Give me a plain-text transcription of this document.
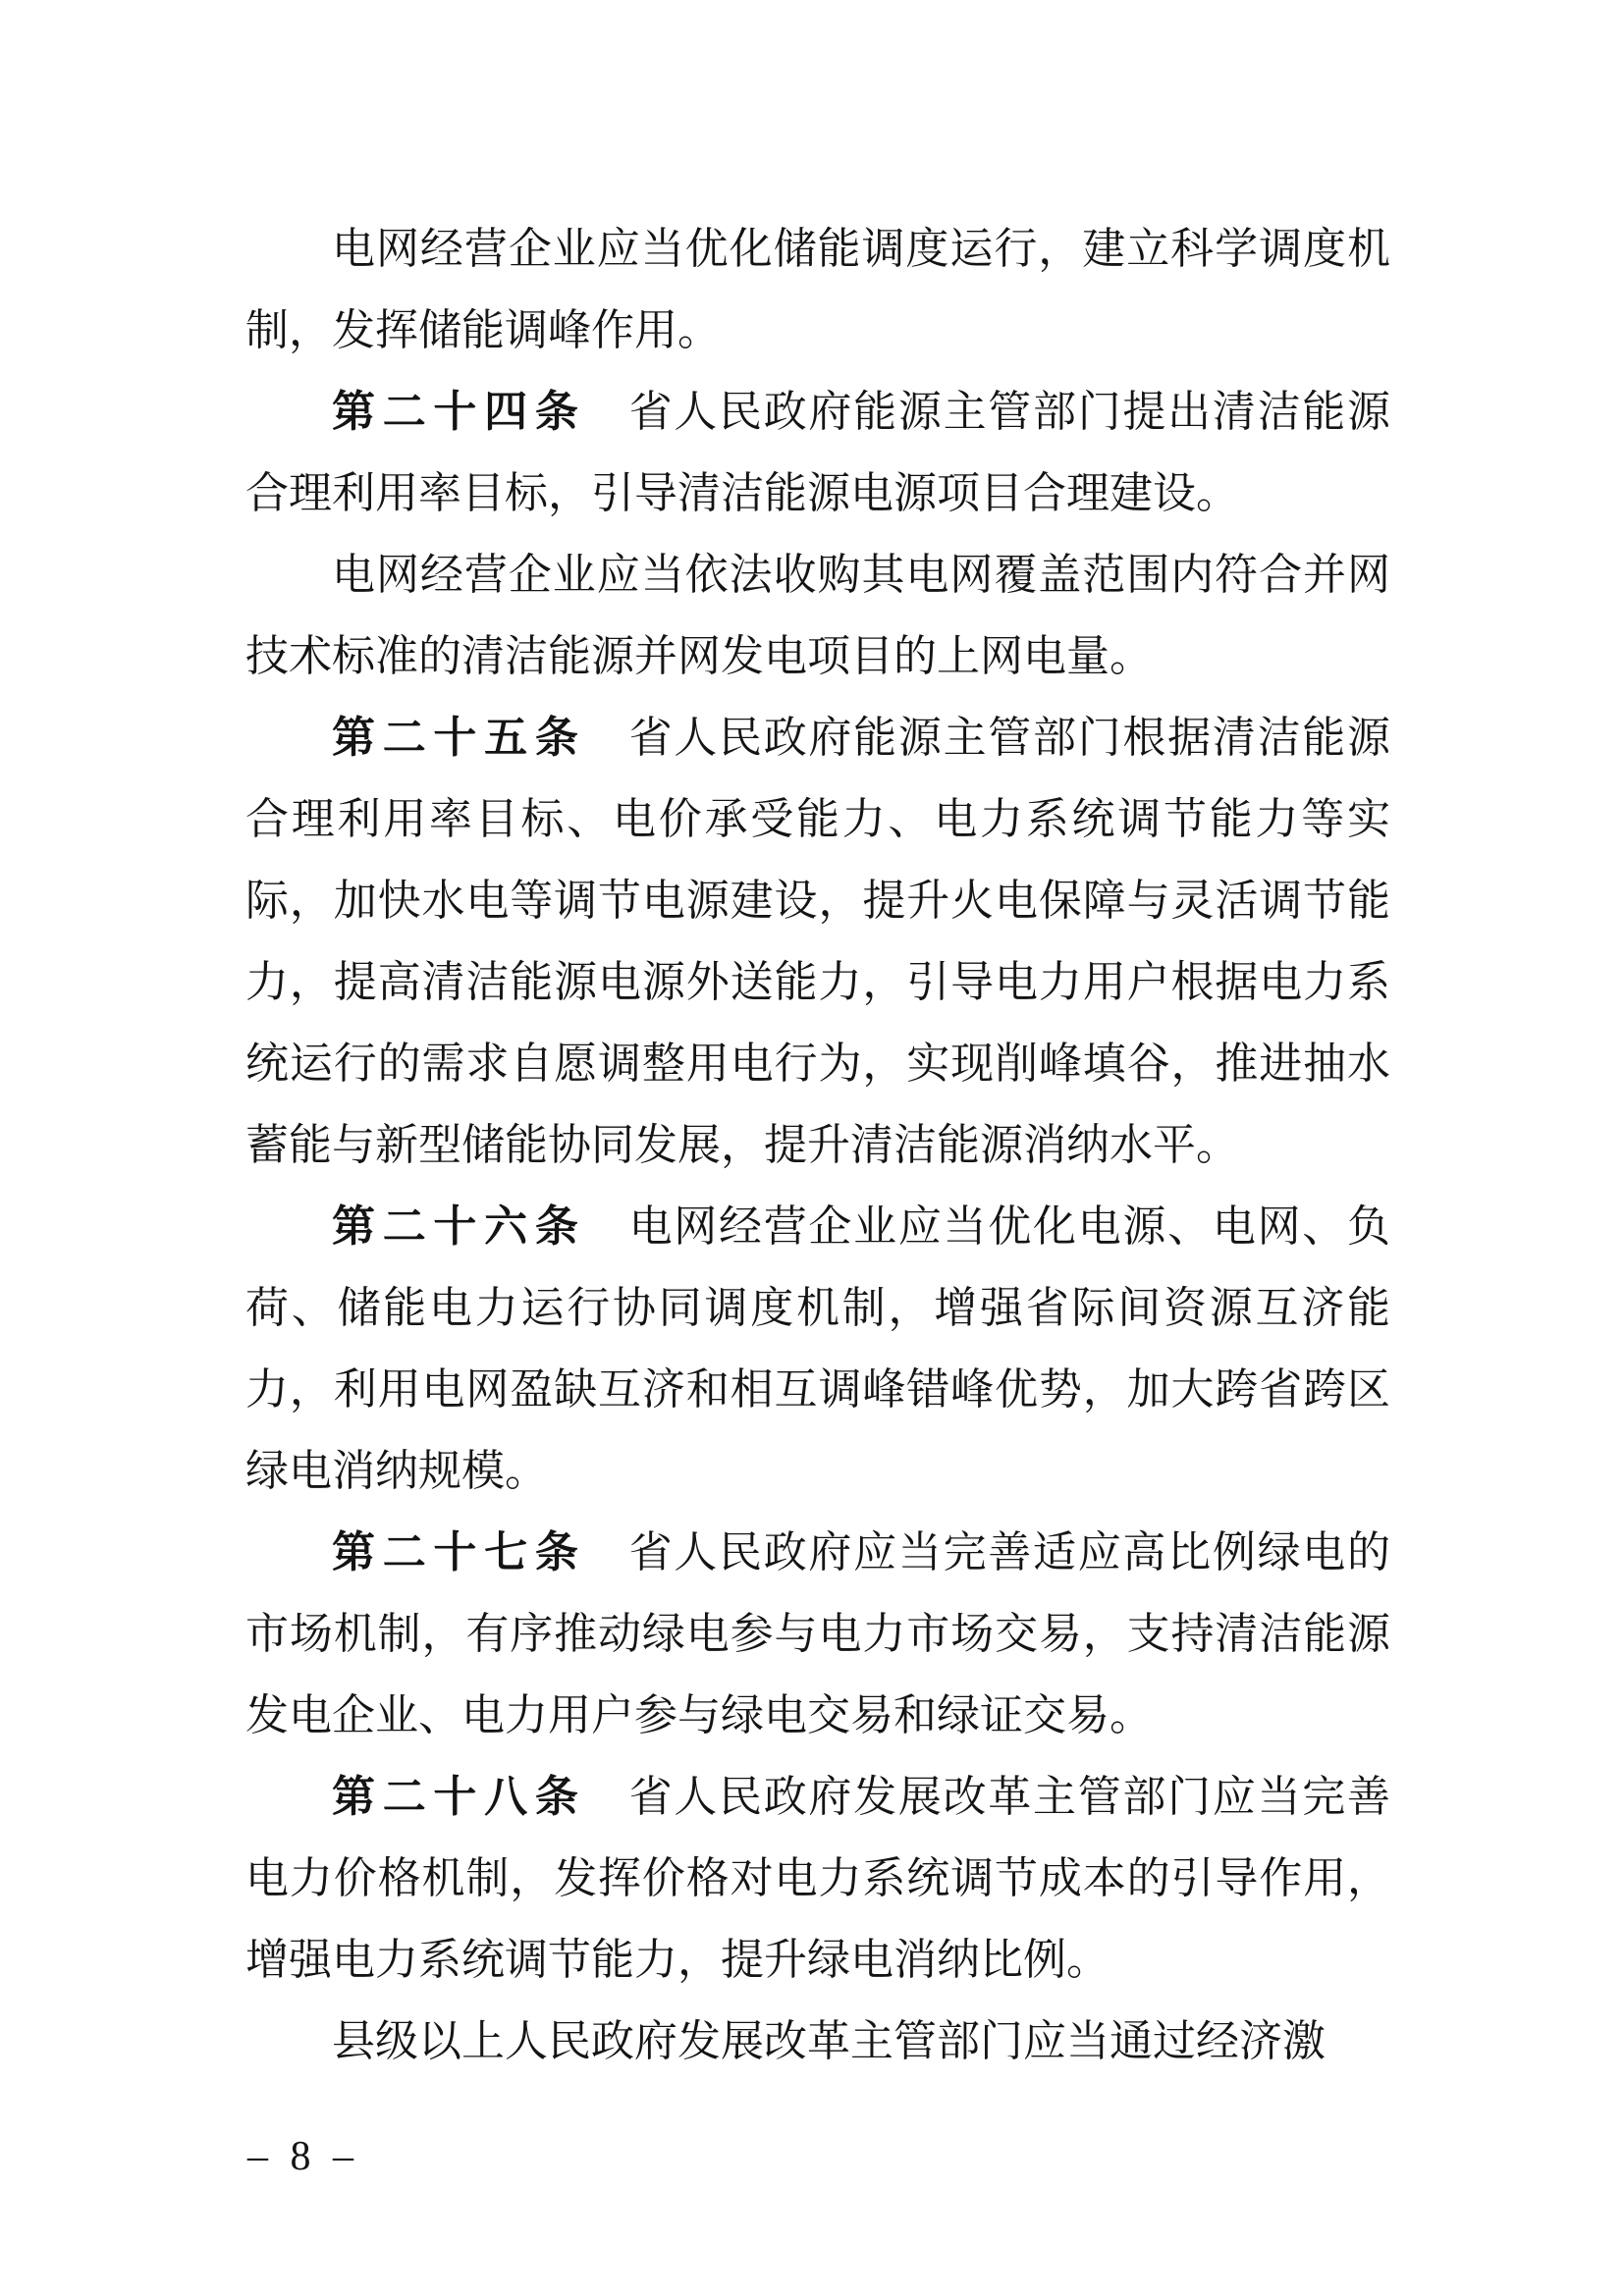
电网经营企业应当优化储能调度运行，建立科学调度机制，发挥储能调峰作用。

第二十四条 省人民政府能源主管部门提出清洁能源合理利用率目标，引导清洁能源电源项目合理建设。

电网经营企业应当依法收购其电网覆盖范围内符合并网技术标准的清洁能源并网发电项目的上网电量。

第二十五条 省人民政府能源主管部门根据清洁能源合理利用率目标、电价承受能力、电力系统调节能力等实际，加快水电等调节电源建设，提升火电保障与灵活调节能力，提高清洁能源电源外送能力，引导电力用户根据电力系统运行的需求自愿调整用电行为，实现削峰填谷，推进抽水蓄能与新型储能协同发展，提升清洁能源消纳水平。

第二十六条 电网经营企业应当优化电源、电网、负荷、储能电力运行协同调度机制，增强省际间资源互济能力，利用电网盈缺互济和相互调峰错峰优势，加大跨省跨区绿电消纳规模。

第二十七条 省人民政府应当完善适应高比例绿电的市场机制，有序推动绿电参与电力市场交易，支持清洁能源发电企业、电力用户参与绿电交易和绿证交易。

第二十八条 省人民政府发展改革主管部门应当完善电力价格机制，发挥价格对电力系统调节成本的引导作用，增强电力系统调节能力，提升绿电消纳比例。

县级以上人民政府发展改革主管部门应当通过经济激

– 8 –
